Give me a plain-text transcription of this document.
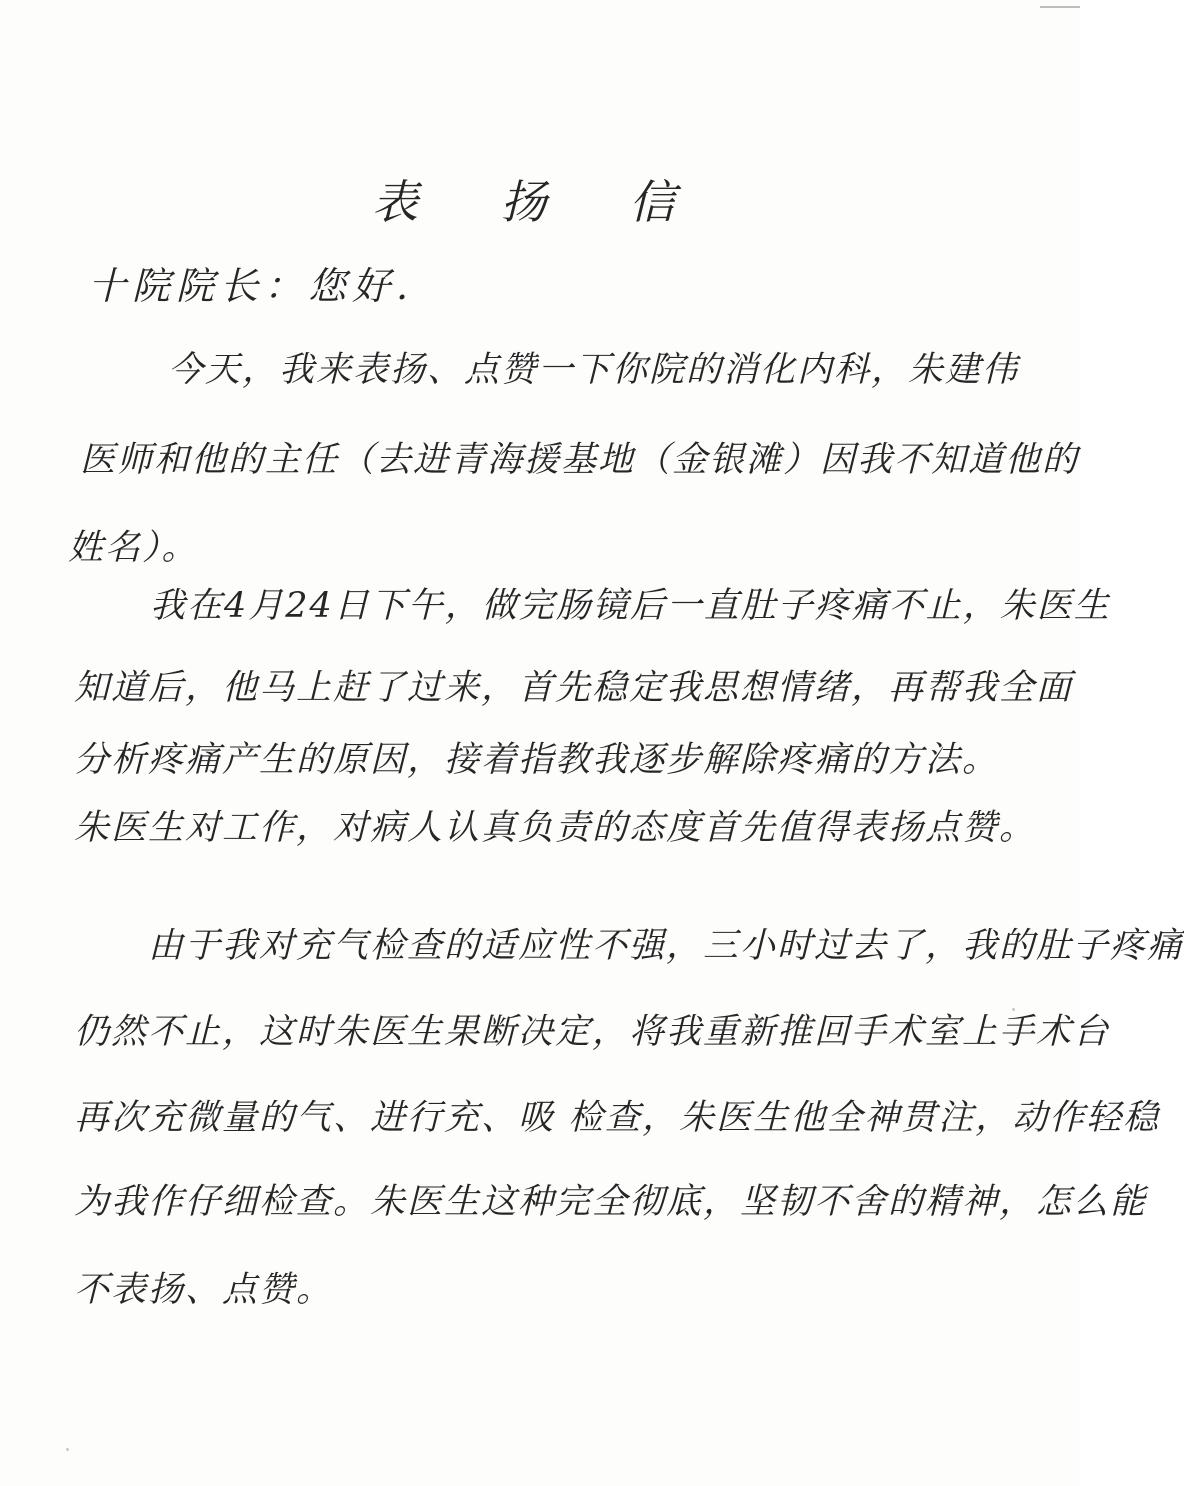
表 扬 信
十院院长：您好.
今天，我来表扬、点赞一下你院的消化内科，朱建伟
医师和他的主任（去进青海援基地（金银滩）因我不知道他的
姓名）。
我在4月24日下午，做完肠镜后一直肚子疼痛不止，朱医生
知道后，他马上赶了过来，首先稳定我思想情绪，再帮我全面
分析疼痛产生的原因，接着指教我逐步解除疼痛的方法。
朱医生对工作，对病人认真负责的态度首先值得表扬点赞。
由于我对充气检查的适应性不强，三小时过去了，我的肚子疼痛
仍然不止，这时朱医生果断决定，将我重新推回手术室上手术台
再次充微量的气、进行充、吸 检查，朱医生他全神贯注，动作轻稳
为我作仔细检查。朱医生这种完全彻底，坚韧不舍的精神，怎么能
不表扬、点赞。
